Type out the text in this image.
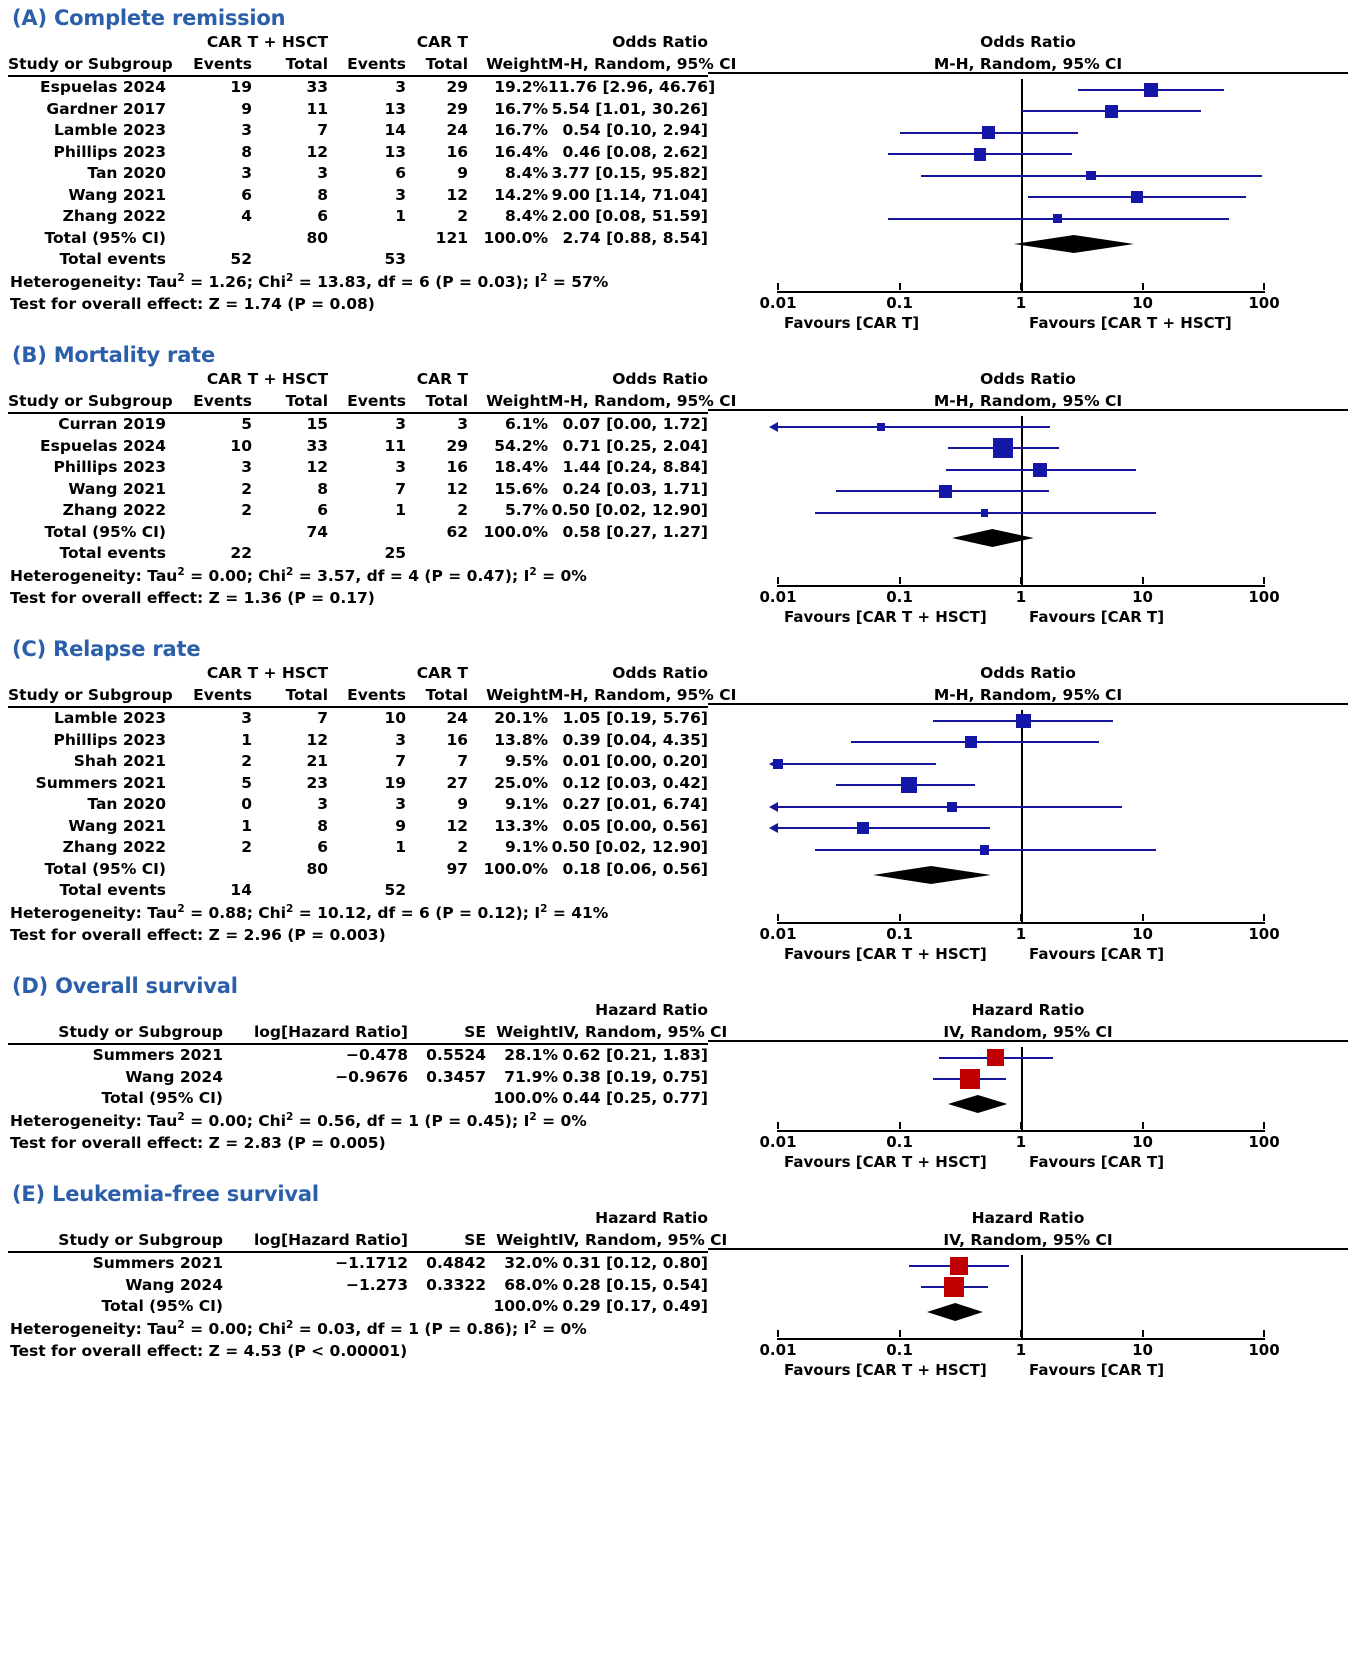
(A) Complete remission
	CAR T + HSCT		CAR T			Odds Ratio
Study or Subgroup	Events	Total	Events	Total	Weight	M-H, Random, 95% CI
Espuelas 2024	19	33	3	29	19.2%	11.76 [2.96, 46.76]
Gardner 2017	9	11	13	29	16.7%	5.54 [1.01, 30.26]
Lamble 2023	3	7	14	24	16.7%	0.54 [0.10, 2.94]
Phillips 2023	8	12	13	16	16.4%	0.46 [0.08, 2.62]
Tan 2020	3	3	6	9	8.4%	3.77 [0.15, 95.82]
Wang 2021	6	8	3	12	14.2%	9.00 [1.14, 71.04]
Zhang 2022	4	6	1	2	8.4%	2.00 [0.08, 51.59]
Total (95% CI)		80		121	100.0%	2.74 [0.88, 8.54]
Total events	52		53			
Heterogeneity: Tau$^2$ = 1.26; Chi$^2$ = 13.83, df = 6 (P = 0.03); $I^2 = 57\%$
Test for overall effect: Z = 1.74 (P = 0.08)
Odds Ratio
M-H, Random, 95% CI
0.01	0.1	1	10	100
Favours [CAR T]	Favours [CAR T + HSCT]
(B) Mortality rate
	CAR T + HSCT		CAR T			Odds Ratio
Study or Subgroup	Events	Total	Events	Total	Weight	M-H, Random, 95% CI
Curran 2019	5	15	3	3	6.1%	0.07 [0.00, 1.72]
Espuelas 2024	10	33	11	29	54.2%	0.71 [0.25, 2.04]
Phillips 2023	3	12	3	16	18.4%	1.44 [0.24, 8.84]
Wang 2021	2	8	7	12	15.6%	0.24 [0.03, 1.71]
Zhang 2022	2	6	1	2	5.7%	0.50 [0.02, 12.90]
Total (95% CI)		74		62	100.0%	0.58 [0.27, 1.27]
Total events	22		25			
Heterogeneity: Tau$^2$ = 0.00; Chi$^2$ = 3.57, df = 4 (P = 0.47); $I^2 = 0\%$
Test for overall effect: Z = 1.36 (P = 0.17)
Odds Ratio
M-H, Random, 95% CI
0.01	0.1	1	10	100
Favours [CAR T + HSCT]	Favours [CAR T]
(C) Relapse rate
	CAR T + HSCT		CAR T			Odds Ratio
Study or Subgroup	Events	Total	Events	Total	Weight	M-H, Random, 95% CI
Lamble 2023	3	7	10	24	20.1%	1.05 [0.19, 5.76]
Phillips 2023	1	12	3	16	13.8%	0.39 [0.04, 4.35]
Shah 2021	2	21	7	7	9.5%	0.01 [0.00, 0.20]
Summers 2021	5	23	19	27	25.0%	0.12 [0.03, 0.42]
Tan 2020	0	3	3	9	9.1%	0.27 [0.01, 6.74]
Wang 2021	1	8	9	12	13.3%	0.05 [0.00, 0.56]
Zhang 2022	2	6	1	2	9.1%	0.50 [0.02, 12.90]
Total (95% CI)		80		97	100.0%	0.18 [0.06, 0.56]
Total events	14		52			
Heterogeneity: Tau$^2$ = 0.88; Chi$^2$ = 10.12, df = 6 (P = 0.12); $I^2 = 41\%$
Test for overall effect: Z = 2.96 (P = 0.003)
Odds Ratio
M-H, Random, 95% CI
0.01	0.1	1	10	100
Favours [CAR T + HSCT]	Favours [CAR T]
(D) Overall survival
				Hazard Ratio
Study or Subgroup	log[Hazard Ratio]	SE	Weight	IV, Random, 95% CI
Summers 2021	−0.478	0.5524	28.1%	0.62 [0.21, 1.83]
Wang 2024	−0.9676	0.3457	71.9%	0.38 [0.19, 0.75]
Total (95% CI)			100.0%	0.44 [0.25, 0.77]
Heterogeneity: Tau$^2$ = 0.00; Chi$^2$ = 0.56, df = 1 (P = 0.45); $I^2 = 0\%$
Test for overall effect: Z = 2.83 (P = 0.005)
Hazard Ratio
IV, Random, 95% CI
0.01	0.1	1	10	100
Favours [CAR T + HSCT]	Favours [CAR T]
(E) Leukemia-free survival
				Hazard Ratio
Study or Subgroup	log[Hazard Ratio]	SE	Weight	IV, Random, 95% CI
Summers 2021	−1.1712	0.4842	32.0%	0.31 [0.12, 0.80]
Wang 2024	−1.273	0.3322	68.0%	0.28 [0.15, 0.54]
Total (95% CI)			100.0%	0.29 [0.17, 0.49]
Heterogeneity: Tau$^2$ = 0.00; Chi$^2$ = 0.03, df = 1 (P = 0.86); $I^2 = 0\%$
Test for overall effect: Z = 4.53 (P < 0.00001)
Hazard Ratio
IV, Random, 95% CI
0.01	0.1	1	10	100
Favours [CAR T + HSCT]	Favours [CAR T]
